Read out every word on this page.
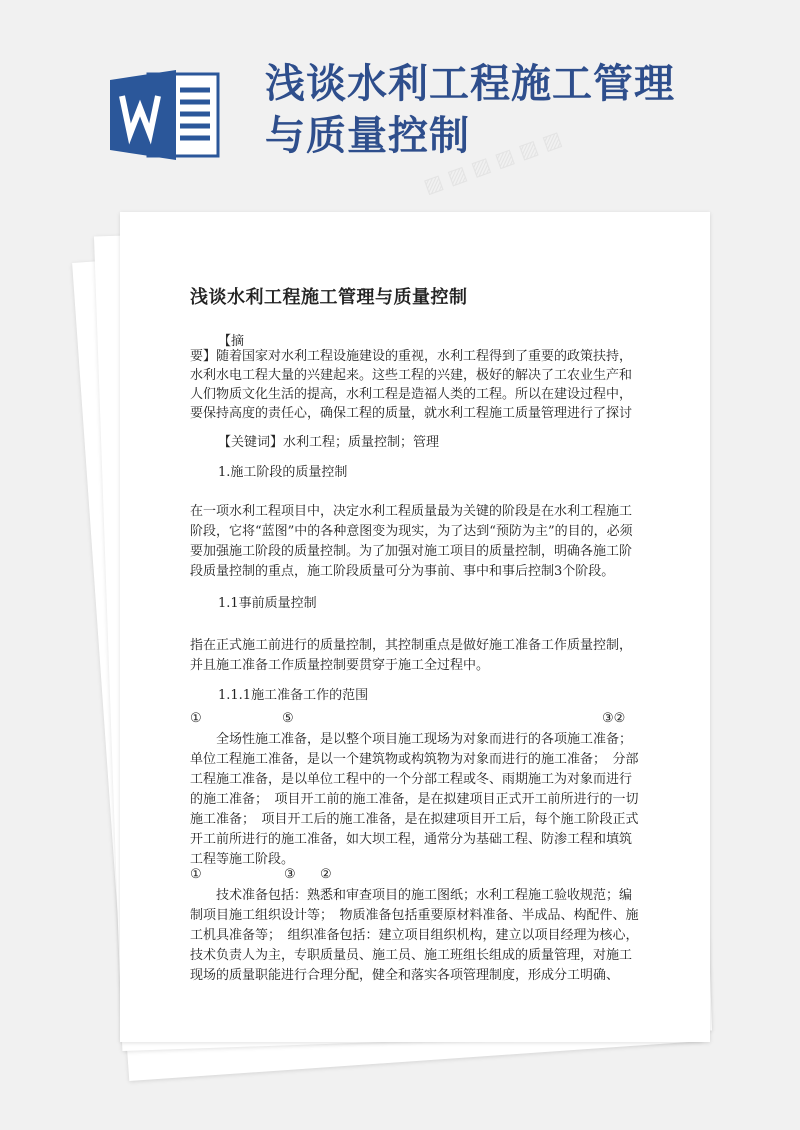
▨ ▨ ▨ ▨ ▨ ▨
浅谈水利工程施工管理
与质量控制
浅谈水利工程施工管理与质量控制
【摘
要】随着国家对水利工程设施建设的重视，水利工程得到了重要的政策扶持，水利水电工程大量的兴建起来。这些工程的兴建，极好的解决了工农业生产和人们物质文化生活的提高，水利工程是造福人类的工程。所以在建设过程中，要保持高度的责任心，确保工程的质量，就水利工程施工质量管理进行了探讨
【关键词】水利工程；质量控制；管理
1.施工阶段的质量控制
在一项水利工程项目中，决定水利工程质量最为关键的阶段是在水利工程施工阶段，它将“蓝图”中的各种意图变为现实，为了达到“预防为主”的目的，必须要加强施工阶段的质量控制。为了加强对施工项目的质量控制，明确各施工阶段质量控制的重点，施工阶段质量可分为事前、事中和事后控制3个阶段。
1.1事前质量控制
指在正式施工前进行的质量控制，其控制重点是做好施工准备工作质量控制，并且施工准备工作质量控制要贯穿于施工全过程中。
1.1.1施工准备工作的范围
①	⑤	③②
全场性施工准备，是以整个项目施工现场为对象而进行的各项施工准备；单位工程施工准备，是以一个建筑物或构筑物为对象而进行的施工准备；　分部工程施工准备，是以单位工程中的一个分部工程或冬、雨期施工为对象而进行的施工准备；　项目开工前的施工准备，是在拟建项目正式开工前所进行的一切施工准备；　项目开工后的施工准备，是在拟建项目开工后，每个施工阶段正式开工前所进行的施工准备，如大坝工程，通常分为基础工程、防渗工程和填筑工程等施工阶段。
①	③ ②
技术准备包括：熟悉和审查项目的施工图纸；水利工程施工验收规范；编制项目施工组织设计等；　物质准备包括重要原材料准备、半成品、构配件、施工机具准备等；　组织准备包括：建立项目组织机构，建立以项目经理为核心，技术负责人为主，专职质量员、施工员、施工班组长组成的质量管理，对施工现场的质量职能进行合理分配，健全和落实各项管理制度，形成分工明确、
